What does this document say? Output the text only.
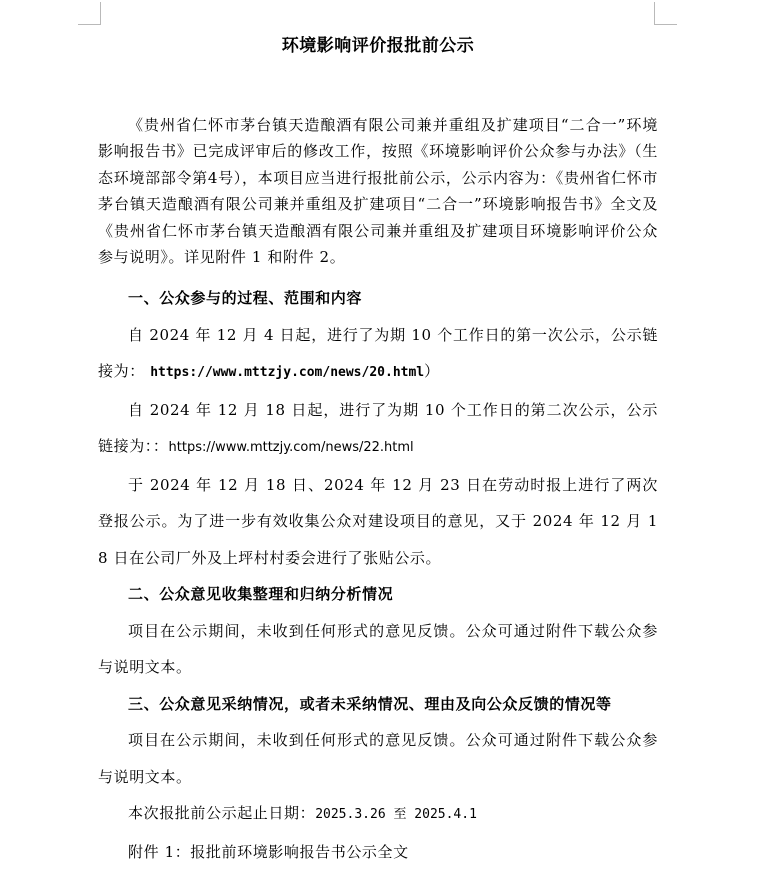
环境影响评价报批前公示

《贵州省仁怀市茅台镇天造酿酒有限公司兼并重组及扩建项目“二合一”环境影响报告书》已完成评审后的修改工作，按照《环境影响评价公众参与办法》（生态环境部部令第4号），本项目应当进行报批前公示，公示内容为：《贵州省仁怀市茅台镇天造酿酒有限公司兼并重组及扩建项目“二合一”环境影响报告书》全文及《贵州省仁怀市茅台镇天造酿酒有限公司兼并重组及扩建项目环境影响评价公众参与说明》。详见附件 1 和附件 2。

一、公众参与的过程、范围和内容

自 2024 年 12 月 4 日起，进行了为期 10 个工作日的第一次公示，公示链接为： https://www.mttzjy.com/news/20.html）

自 2024 年 12 月 18 日起，进行了为期 10 个工作日的第二次公示，公示链接为：：https://www.mttzjy.com/news/22.html

于 2024 年 12 月 18 日、2024 年 12 月 23 日在劳动时报上进行了两次登报公示。为了进一步有效收集公众对建设项目的意见，又于 2024 年 12 月 18 日在公司厂外及上坪村村委会进行了张贴公示。

二、公众意见收集整理和归纳分析情况

项目在公示期间，未收到任何形式的意见反馈。公众可通过附件下载公众参与说明文本。

三、公众意见采纳情况，或者未采纳情况、理由及向公众反馈的情况等

项目在公示期间，未收到任何形式的意见反馈。公众可通过附件下载公众参与说明文本。

本次报批前公示起止日期：2025.3.26 至 2025.4.1

附件 1：报批前环境影响报告书公示全文
